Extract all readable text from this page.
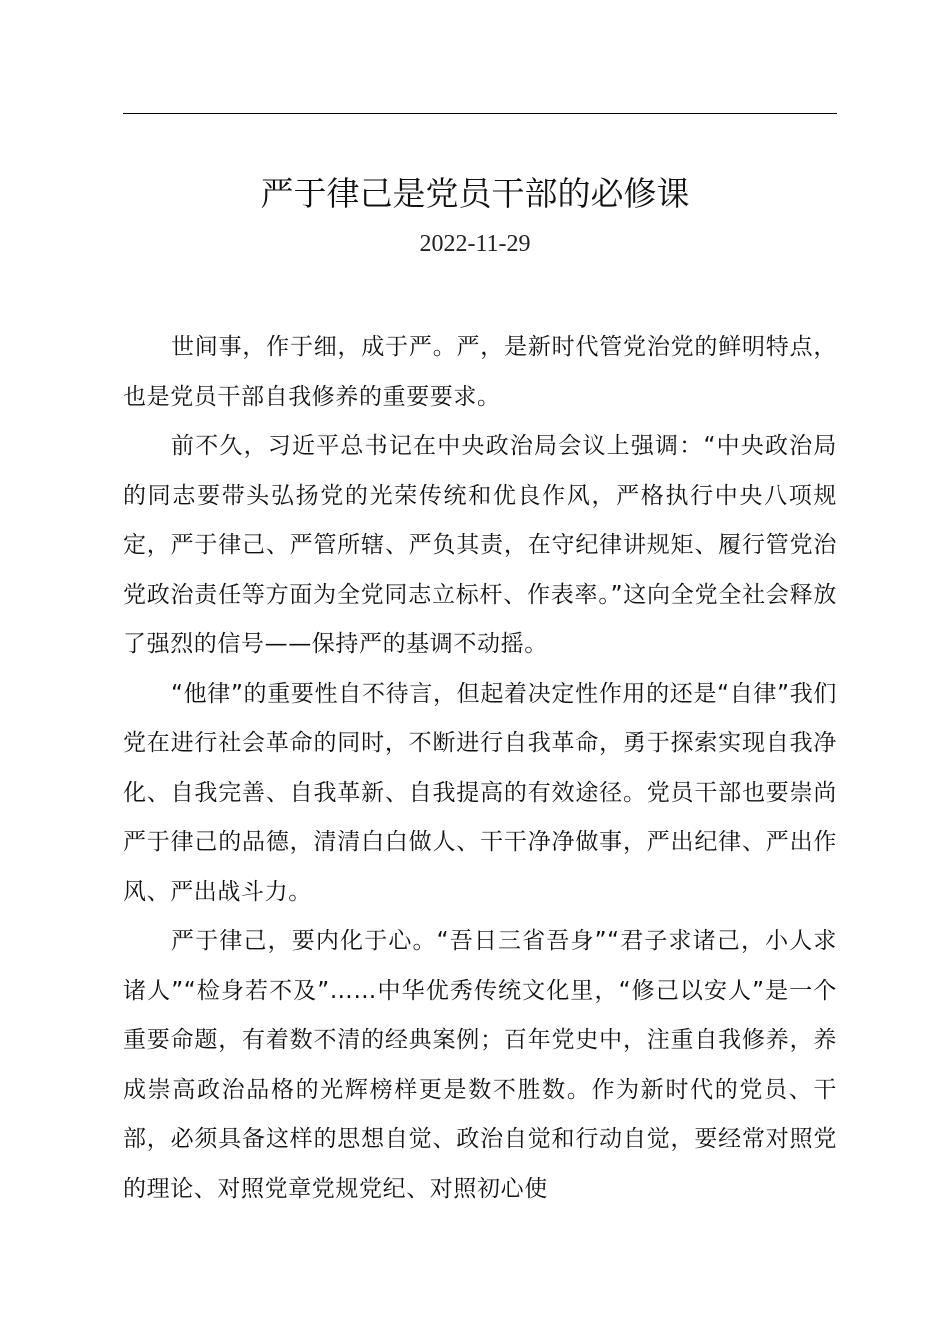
严于律己是党员干部的必修课
2022-11-29

世间事，作于细，成于严。严，是新时代管党治党的鲜明特点，也是党员干部自我修养的重要要求。

前不久，习近平总书记在中央政治局会议上强调：“中央政治局的同志要带头弘扬党的光荣传统和优良作风，严格执行中央八项规定，严于律己、严管所辖、严负其责，在守纪律讲规矩、履行管党治党政治责任等方面为全党同志立标杆、作表率。”这向全党全社会释放了强烈的信号——保持严的基调不动摇。

“他律”的重要性自不待言，但起着决定性作用的还是“自律”我们党在进行社会革命的同时，不断进行自我革命，勇于探索实现自我净化、自我完善、自我革新、自我提高的有效途径。党员干部也要崇尚严于律己的品德，清清白白做人、干干净净做事，严出纪律、严出作风、严出战斗力。

严于律己，要内化于心。“吾日三省吾身”“君子求诸己，小人求诸人”“检身若不及”……中华优秀传统文化里，“修己以安人”是一个重要命题，有着数不清的经典案例；百年党史中，注重自我修养，养成崇高政治品格的光辉榜样更是数不胜数。作为新时代的党员、干部，必须具备这样的思想自觉、政治自觉和行动自觉，要经常对照党的理论、对照党章党规党纪、对照初心使
